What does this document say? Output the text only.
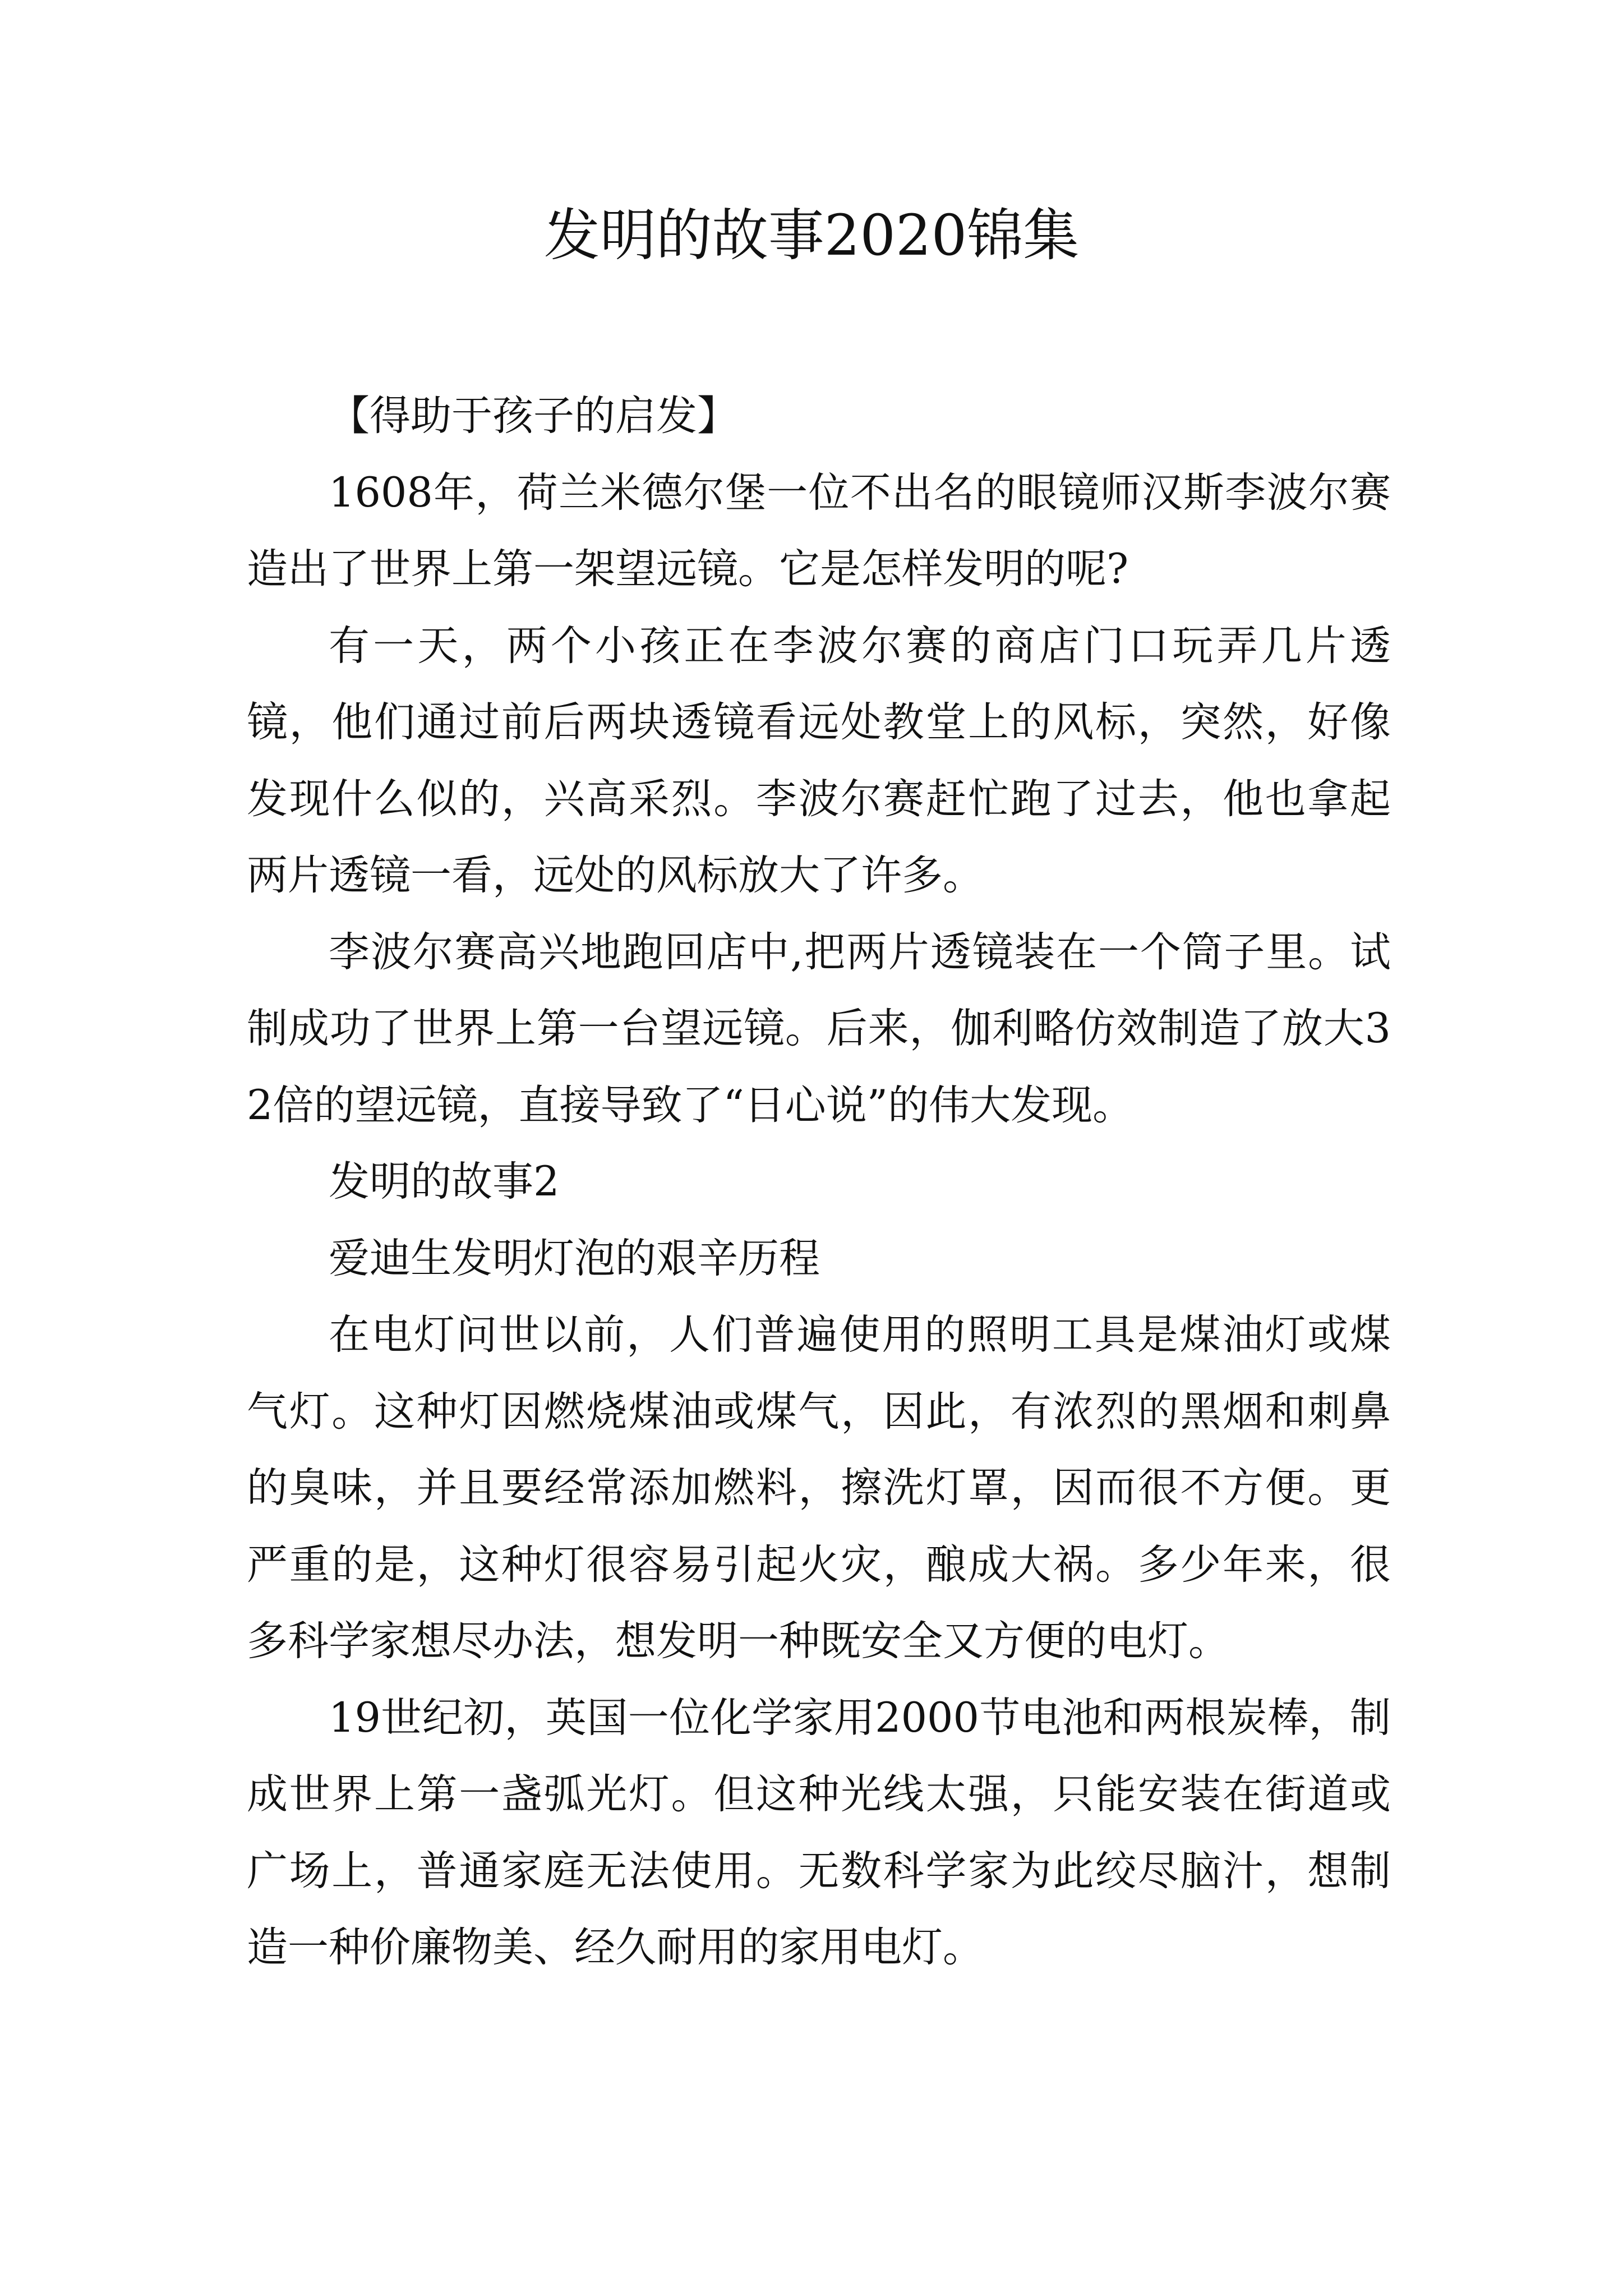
发明的故事2020锦集

【得助于孩子的启发】

1608年，荷兰米德尔堡一位不出名的眼镜师汉斯李波尔赛造出了世界上第一架望远镜。它是怎样发明的呢?

有一天，两个小孩正在李波尔赛的商店门口玩弄几片透镜，他们通过前后两块透镜看远处教堂上的风标，突然，好像发现什么似的，兴高采烈。李波尔赛赶忙跑了过去，他也拿起两片透镜一看，远处的风标放大了许多。

李波尔赛高兴地跑回店中,把两片透镜装在一个筒子里。试制成功了世界上第一台望远镜。后来，伽利略仿效制造了放大32倍的望远镜，直接导致了“日心说”的伟大发现。

发明的故事2

爱迪生发明灯泡的艰辛历程

在电灯问世以前，人们普遍使用的照明工具是煤油灯或煤气灯。这种灯因燃烧煤油或煤气，因此，有浓烈的黑烟和刺鼻的臭味，并且要经常添加燃料，擦洗灯罩，因而很不方便。更严重的是，这种灯很容易引起火灾，酿成大祸。多少年来，很多科学家想尽办法，想发明一种既安全又方便的电灯。

19世纪初，英国一位化学家用2000节电池和两根炭棒，制成世界上第一盏弧光灯。但这种光线太强，只能安装在街道或广场上，普通家庭无法使用。无数科学家为此绞尽脑汁，想制造一种价廉物美、经久耐用的家用电灯。
